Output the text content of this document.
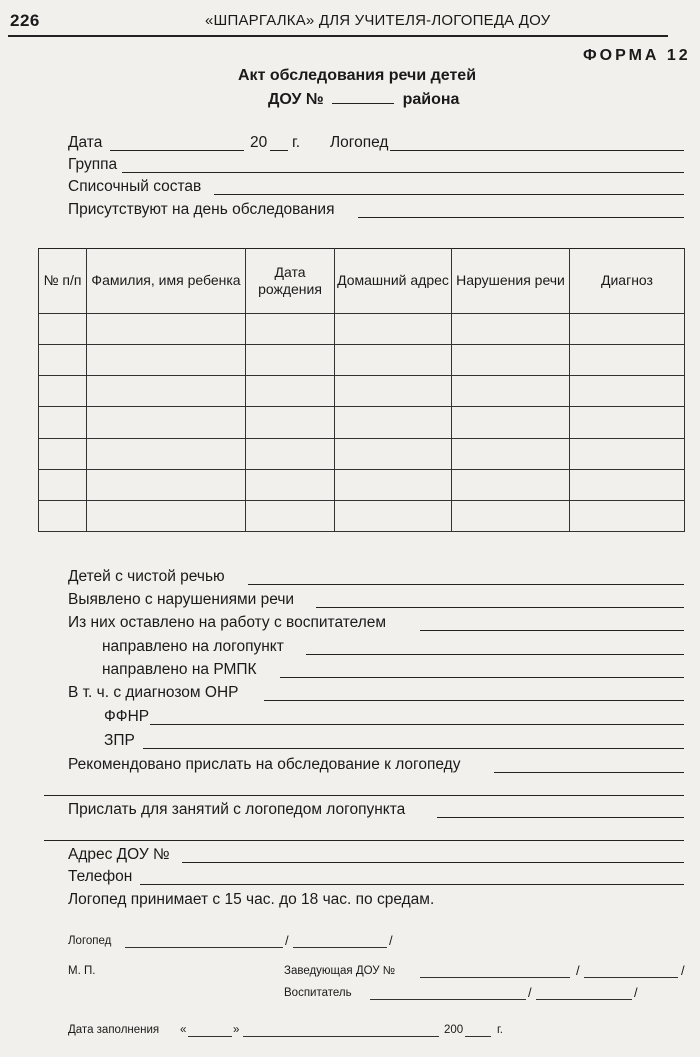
226	«ШПАРГАЛКА» ДЛЯ УЧИТЕЛЯ-ЛОГОПЕДА ДОУ
ФОРМА 12
Акт обследования речи детей
ДОУ №	района
Дата	20 г. Логопед
Группа
Списочный состав
Присутствуют на день обследования
№ п/п	Фамилия, имя ребенка	Дата рождения	Домашний адрес	Нарушения речи	Диагноз

Детей с чистой речью
Выявлено с нарушениями речи
Из них оставлено на работу с воспитателем
направлено на логопункт
направлено на РМПК
В т. ч. с диагнозом ОНР
ФФНР
ЗПР
Рекомендовано прислать на обследование к логопеду
Прислать для занятий с логопедом логопункта
Адрес ДОУ №
Телефон
Логопед принимает с 15 час. до 18 час. по средам.
Логопед	/	/
М. П.	Заведующая ДОУ №	/	/
Воспитатель	/	/
Дата заполнения «	»	200	г.
